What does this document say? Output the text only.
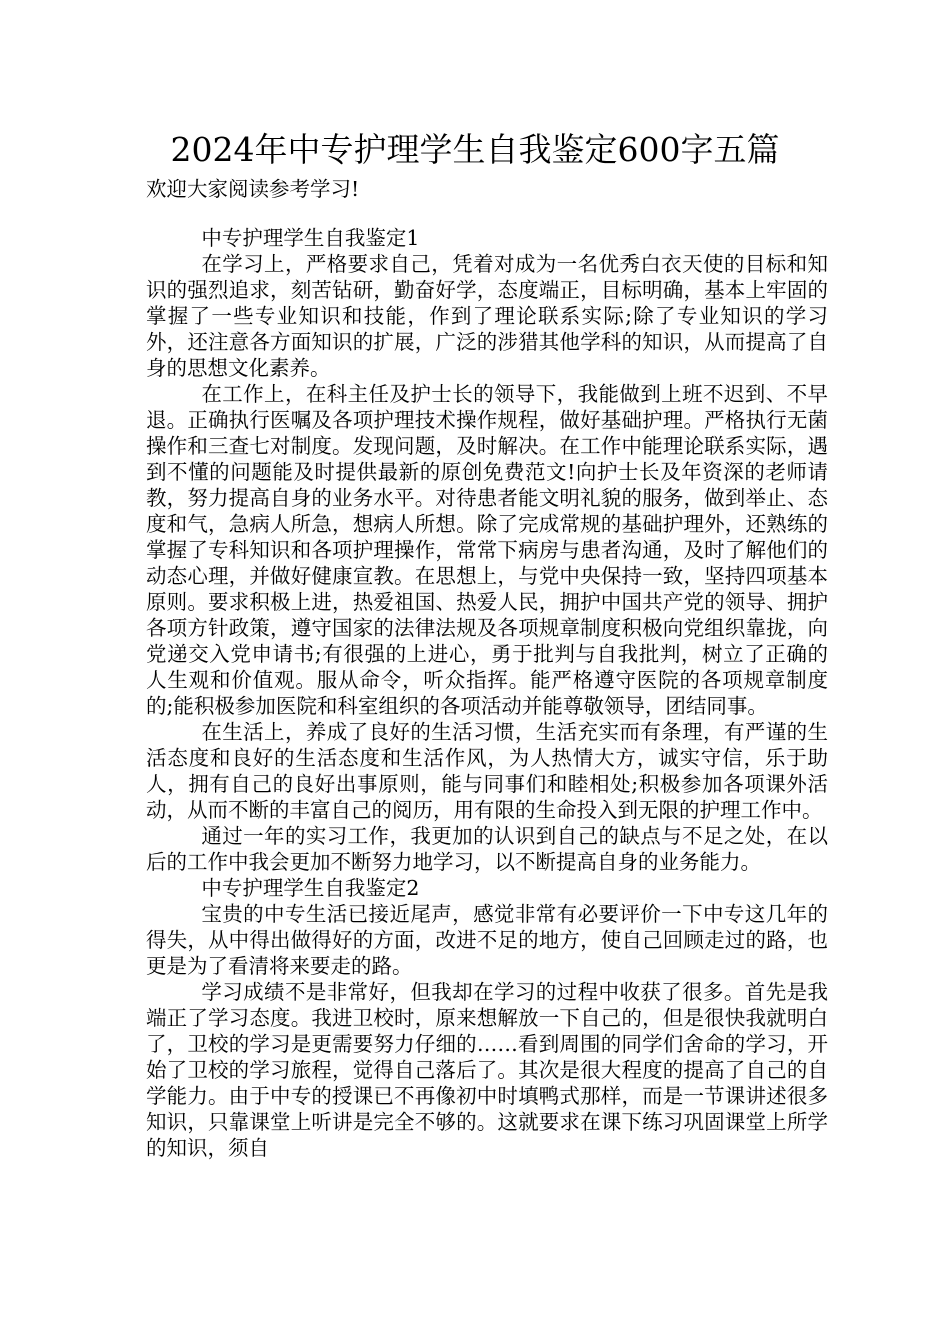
2024年中专护理学生自我鉴定600字五篇
欢迎大家阅读参考学习!

中专护理学生自我鉴定1

在学习上，严格要求自己，凭着对成为一名优秀白衣天使的目标和知识的强烈追求，刻苦钻研，勤奋好学，态度端正，目标明确，基本上牢固的掌握了一些专业知识和技能，作到了理论联系实际;除了专业知识的学习外，还注意各方面知识的扩展，广泛的涉猎其他学科的知识，从而提高了自身的思想文化素养。

在工作上，在科主任及护士长的领导下，我能做到上班不迟到、不早退。正确执行医嘱及各项护理技术操作规程，做好基础护理。严格执行无菌操作和三查七对制度。发现问题，及时解决。在工作中能理论联系实际，遇到不懂的问题能及时提供最新的原创免费范文!向护士长及年资深的老师请教，努力提高自身的业务水平。对待患者能文明礼貌的服务，做到举止、态度和气，急病人所急，想病人所想。除了完成常规的基础护理外，还熟练的掌握了专科知识和各项护理操作，常常下病房与患者沟通，及时了解他们的动态心理，并做好健康宣教。在思想上，与党中央保持一致，坚持四项基本原则。要求积极上进，热爱祖国、热爱人民，拥护中国共产党的领导、拥护各项方针政策，遵守国家的法律法规及各项规章制度积极向党组织靠拢，向党递交入党申请书;有很强的上进心，勇于批判与自我批判，树立了正确的人生观和价值观。服从命令，听众指挥。能严格遵守医院的各项规章制度的;能积极参加医院和科室组织的各项活动并能尊敬领导，团结同事。

在生活上，养成了良好的生活习惯，生活充实而有条理，有严谨的生活态度和良好的生活态度和生活作风，为人热情大方，诚实守信，乐于助人，拥有自己的良好出事原则，能与同事们和睦相处;积极参加各项课外活动，从而不断的丰富自己的阅历，用有限的生命投入到无限的护理工作中。

通过一年的实习工作，我更加的认识到自己的缺点与不足之处，在以后的工作中我会更加不断努力地学习，以不断提高自身的业务能力。

中专护理学生自我鉴定2

宝贵的中专生活已接近尾声，感觉非常有必要评价一下中专这几年的得失，从中得出做得好的方面，改进不足的地方，使自己回顾走过的路，也更是为了看清将来要走的路。

学习成绩不是非常好，但我却在学习的过程中收获了很多。首先是我端正了学习态度。我进卫校时，原来想解放一下自己的，但是很快我就明白了，卫校的学习是更需要努力仔细的……看到周围的同学们舍命的学习，开始了卫校的学习旅程，觉得自己落后了。其次是很大程度的提高了自己的自学能力。由于中专的授课已不再像初中时填鸭式那样，而是一节课讲述很多知识，只靠课堂上听讲是完全不够的。这就要求在课下练习巩固课堂上所学的知识，须自
